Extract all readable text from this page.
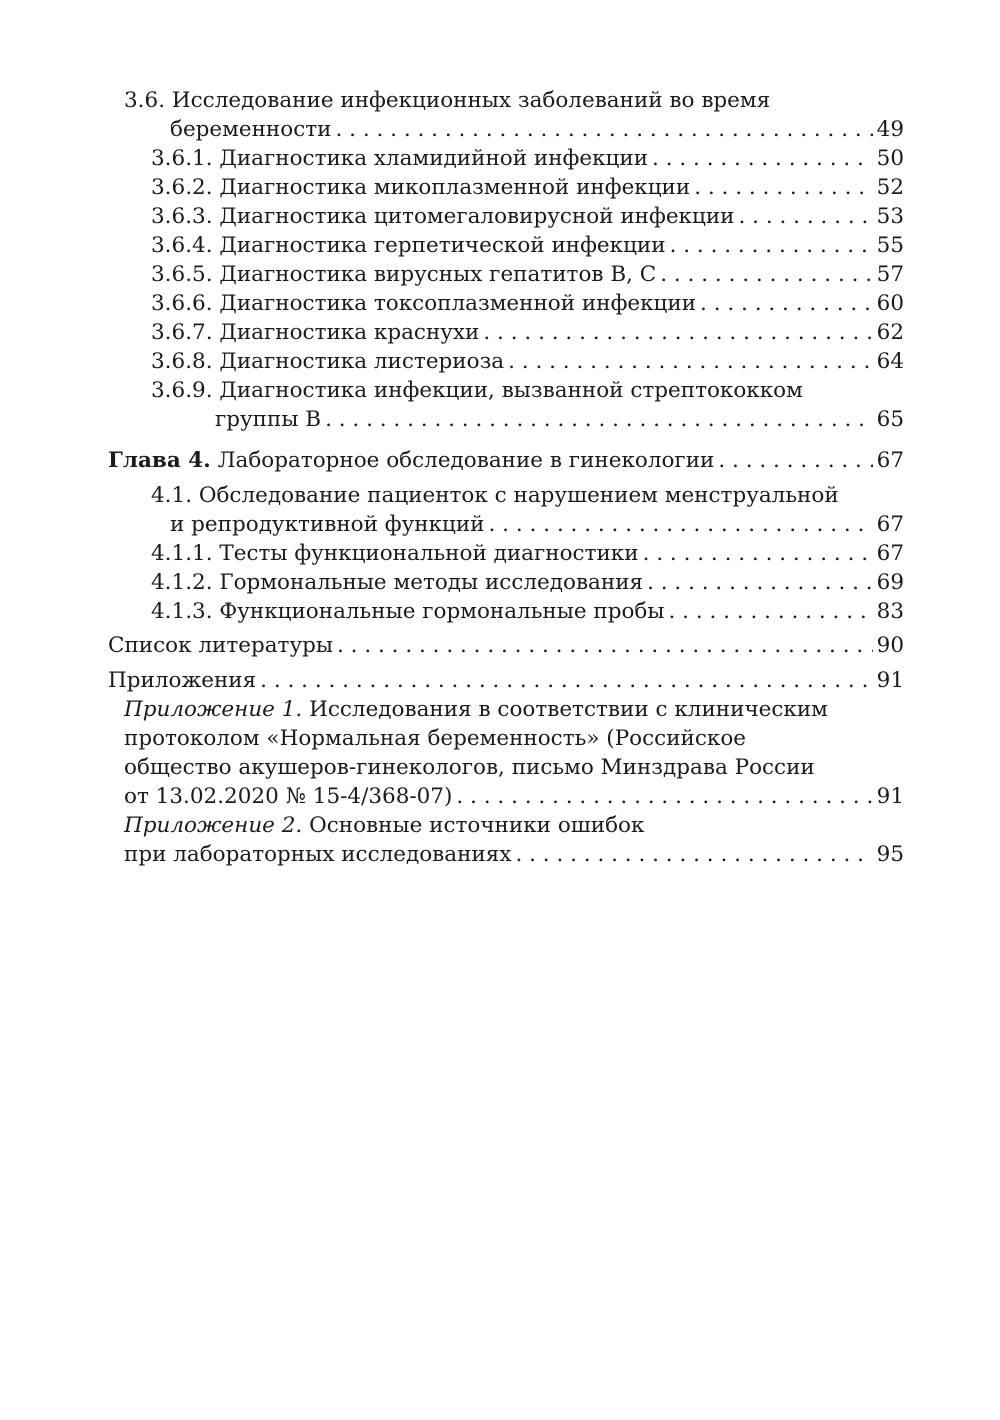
3.6. Исследование инфекционных заболеваний во время
беременности . . .	49
3.6.1. Диагностика хламидийной инфекции . . .	50
3.6.2. Диагностика микоплазменной инфекции . . .	52
3.6.3. Диагностика цитомегаловирусной инфекции . . .	53
3.6.4. Диагностика герпетической инфекции . . .	55
3.6.5. Диагностика вирусных гепатитов В, С . . .	57
3.6.6. Диагностика токсоплазменной инфекции . . .	60
3.6.7. Диагностика краснухи . . .	62
3.6.8. Диагностика листериоза . . .	64
3.6.9. Диагностика инфекции, вызванной стрептококком
группы В . . .	65
Глава 4. Лабораторное обследование в гинекологии . . .	67
4.1. Обследование пациенток с нарушением менструальной
и репродуктивной функций . . .	67
4.1.1. Тесты функциональной диагностики . . .	67
4.1.2. Гормональные методы исследования . . .	69
4.1.3. Функциональные гормональные пробы . . .	83
Список литературы . . .	90
Приложения . . .	91
Приложение 1. Исследования в соответствии с клиническим
протоколом «Нормальная беременность» (Российское
общество акушеров-гинекологов, письмо Минздрава России
от 13.02.2020 № 15-4/368-07) . . .	91
Приложение 2. Основные источники ошибок
при лабораторных исследованиях . . .	95
